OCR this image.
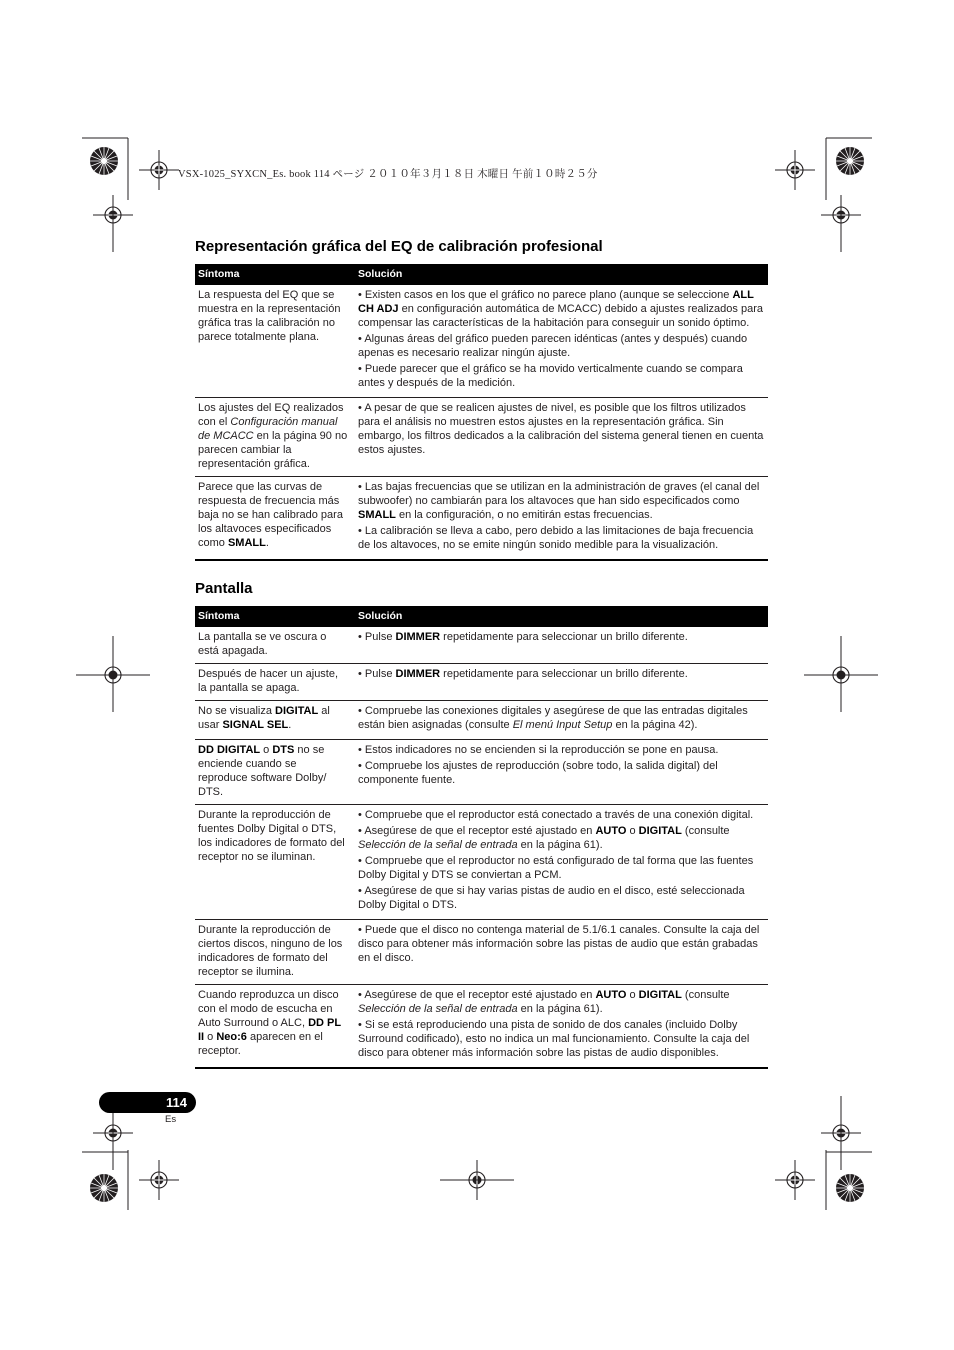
VSX-1025_SYXCN_Es. book 114 ページ ２０１０年３月１８日 木曜日 午前１０時２５分
Representación gráfica del EQ de calibración profesional
Síntoma	Solución
La respuesta del EQ que se muestra en la representación gráfica tras la calibración no parece totalmente plana.	• Existen casos en los que el gráfico no parece plano (aunque se seleccione ALL CH ADJ en configuración automática de MCACC) debido a ajustes realizados para compensar las características de la habitación para conseguir un sonido óptimo.
• Algunas áreas del gráfico pueden parecen idénticas (antes y después) cuando apenas es necesario realizar ningún ajuste.
• Puede parecer que el gráfico se ha movido verticalmente cuando se compara antes y después de la medición.

Los ajustes del EQ realizados con el Configuración manual de MCACC en la página 90 no parecen cambiar la representación gráfica.	• A pesar de que se realicen ajustes de nivel, es posible que los filtros utilizados para el análisis no muestren estos ajustes en la representación gráfica. Sin embargo, los filtros dedicados a la calibración del sistema general tienen en cuenta estos ajustes.

Parece que las curvas de respuesta de frecuencia más baja no se han calibrado para los altavoces especificados como SMALL.	• Las bajas frecuencias que se utilizan en la administración de graves (el canal del subwoofer) no cambiarán para los altavoces que han sido especificados como SMALL en la configuración, o no emitirán estas frecuencias.
• La calibración se lleva a cabo, pero debido a las limitaciones de baja frecuencia de los altavoces, no se emite ningún sonido medible para la visualización.
Pantalla
Síntoma	Solución
La pantalla se ve oscura o está apagada.	• Pulse DIMMER repetidamente para seleccionar un brillo diferente.

Después de hacer un ajuste, la pantalla se apaga.	• Pulse DIMMER repetidamente para seleccionar un brillo diferente.

No se visualiza DIGITAL al usar SIGNAL SEL.	• Compruebe las conexiones digitales y asegúrese de que las entradas digitales están bien asignadas (consulte El menú Input Setup en la página 42).

DD DIGITAL o DTS no se enciende cuando se reproduce software Dolby/ DTS.	• Estos indicadores no se encienden si la reproducción se pone en pausa.
• Compruebe los ajustes de reproducción (sobre todo, la salida digital) del componente fuente.

Durante la reproducción de fuentes Dolby Digital o DTS, los indicadores de formato del receptor no se iluminan.	• Compruebe que el reproductor está conectado a través de una conexión digital.
• Asegúrese de que el receptor esté ajustado en AUTO o DIGITAL (consulte Selección de la señal de entrada en la página 61).
• Compruebe que el reproductor no está configurado de tal forma que las fuentes Dolby Digital y DTS se conviertan a PCM.
• Asegúrese de que si hay varias pistas de audio en el disco, esté seleccionada Dolby Digital o DTS.

Durante la reproducción de ciertos discos, ninguno de los indicadores de formato del receptor se ilumina.	• Puede que el disco no contenga material de 5.1/6.1 canales. Consulte la caja del disco para obtener más información sobre las pistas de audio que están grabadas en el disco.

Cuando reproduzca un disco con el modo de escucha en Auto Surround o ALC, DD PL II o Neo:6 aparecen en el receptor.	• Asegúrese de que el receptor esté ajustado en AUTO o DIGITAL (consulte Selección de la señal de entrada en la página 61).
• Si se está reproduciendo una pista de sonido de dos canales (incluido Dolby Surround codificado), esto no indica un mal funcionamiento. Consulte la caja del disco para obtener más información sobre las pistas de audio disponibles.
114
Es
